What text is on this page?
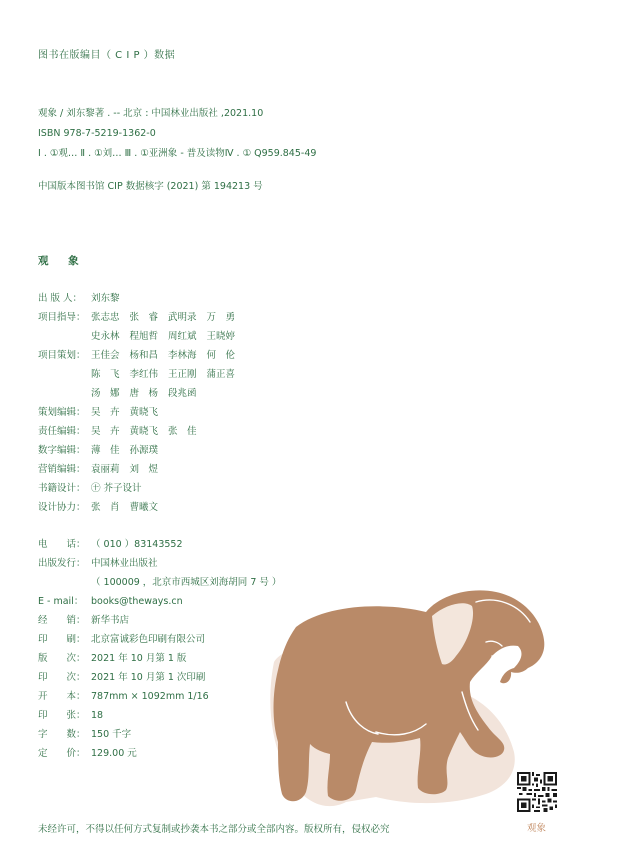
图书在版编目（ C I P ）数据
观象 / 刘东黎著 . -- 北京 : 中国林业出版社 ,2021.10
ISBN 978-7-5219-1362-0
Ⅰ . ①观… Ⅱ . ①刘… Ⅲ . ①亚洲象 - 普及读物Ⅳ . ① Q959.845-49
中国版本图书馆 CIP 数据核字 (2021) 第 194213 号
观 象
出 版 人： 刘东黎
项目指导： 张志忠 张　睿 武明录 万　勇
史永林 程旭哲 周红斌 王晓婷
项目策划： 王佳会 杨和昌 李林海 何　伦
陈　飞 李红伟 王正刚 蒲正喜
汤　娜 唐　杨 段兆函
策划编辑： 吴　卉 黄晓飞
责任编辑： 吴　卉 黄晓飞 张　佳
数字编辑： 薄　佳 孙源璞
营销编辑： 袁丽莉 刘　煜
书籍设计： ㊉ 芥子设计
设计协力： 张　肖 曹曦文
电　　话： （ 010 ）83143552
出版发行： 中国林业出版社
（ 100009 ，北京市西城区刘海胡同 7 号 ）
E - mail： books@theways.cn
经　　销： 新华书店
印　　刷： 北京富诚彩色印刷有限公司
版　　次： 2021 年 10 月第 1 版
印　　次： 2021 年 10 月第 1 次印刷
开　　本： 787mm × 1092mm 1/16
印　　张： 18
字　　数： 150 千字
定　　价： 129.00 元
观象
未经许可，不得以任何方式复制或抄袭本书之部分或全部内容。版权所有，侵权必究
